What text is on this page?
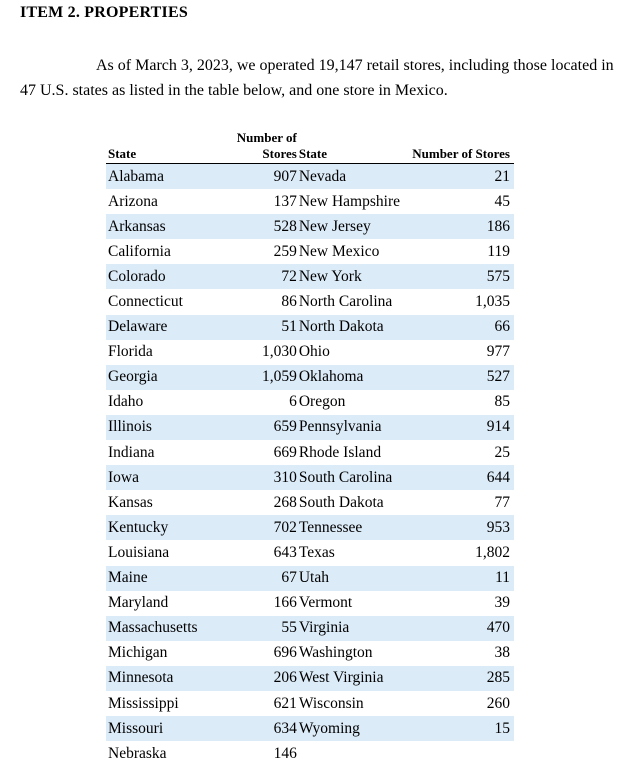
ITEM 2. PROPERTIES
As of March 3, 2023, we operated 19,147 retail stores, including those located in 47 U.S. states as listed in the table below, and one store in Mexico.
State	Number of Stores	State	Number of Stores
Alabama	907	Nevada	21
Arizona	137	New Hampshire	45
Arkansas	528	New Jersey	186
California	259	New Mexico	119
Colorado	72	New York	575
Connecticut	86	North Carolina	1,035
Delaware	51	North Dakota	66
Florida	1,030	Ohio	977
Georgia	1,059	Oklahoma	527
Idaho	6	Oregon	85
Illinois	659	Pennsylvania	914
Indiana	669	Rhode Island	25
Iowa	310	South Carolina	644
Kansas	268	South Dakota	77
Kentucky	702	Tennessee	953
Louisiana	643	Texas	1,802
Maine	67	Utah	11
Maryland	166	Vermont	39
Massachusetts	55	Virginia	470
Michigan	696	Washington	38
Minnesota	206	West Virginia	285
Mississippi	621	Wisconsin	260
Missouri	634	Wyoming	15
Nebraska	146		
